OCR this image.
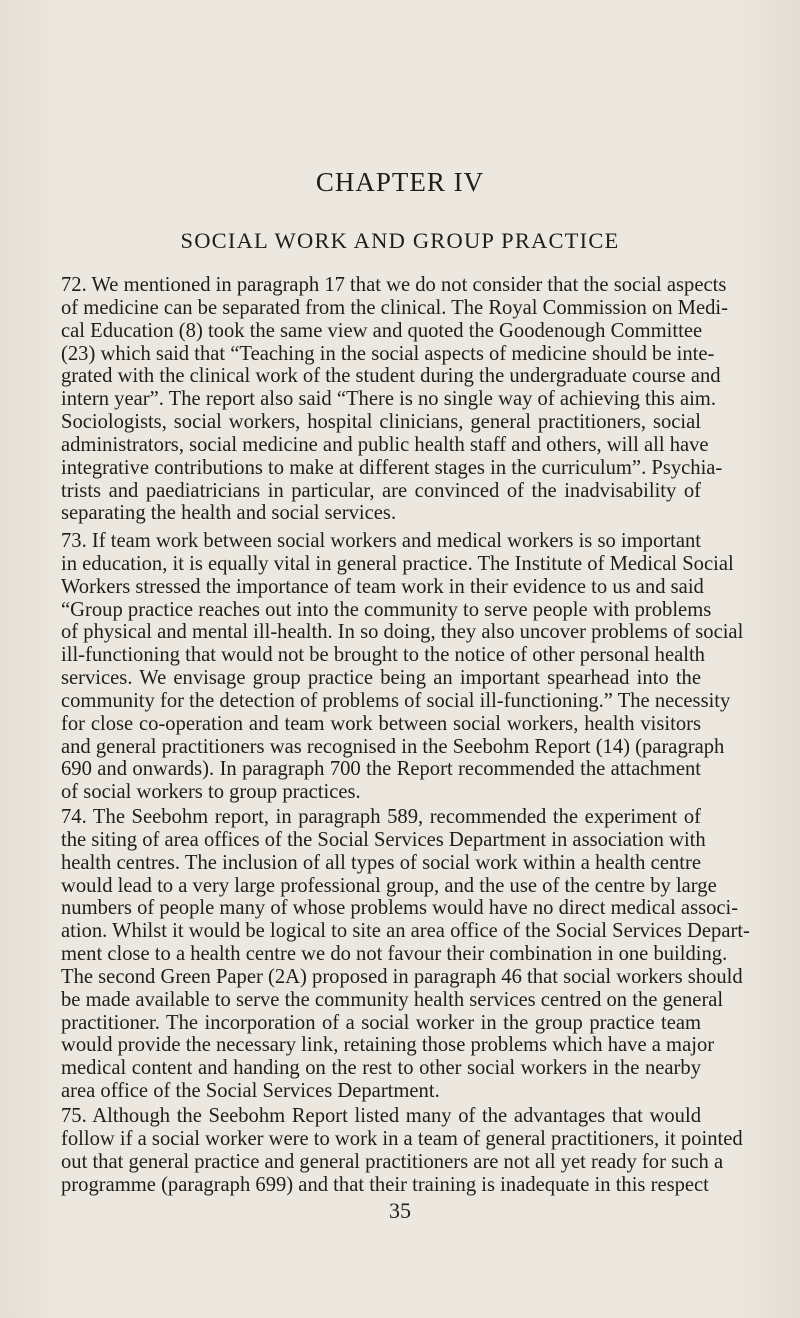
CHAPTER IV
SOCIAL WORK AND GROUP PRACTICE

72. We mentioned in paragraph 17 that we do not consider that the social aspects
of medicine can be separated from the clinical. The Royal Commission on Medi-
cal Education (8) took the same view and quoted the Goodenough Committee
(23) which said that “Teaching in the social aspects of medicine should be inte-
grated with the clinical work of the student during the undergraduate course and
intern year”. The report also said “There is no single way of achieving this aim.
Sociologists, social workers, hospital clinicians, general practitioners, social
administrators, social medicine and public health staff and others, will all have
integrative contributions to make at different stages in the curriculum”. Psychia-
trists and paediatricians in particular, are convinced of the inadvisability of
separating the health and social services.

73. If team work between social workers and medical workers is so important
in education, it is equally vital in general practice. The Institute of Medical Social
Workers stressed the importance of team work in their evidence to us and said
“Group practice reaches out into the community to serve people with problems
of physical and mental ill-health. In so doing, they also uncover problems of social
ill-functioning that would not be brought to the notice of other personal health
services. We envisage group practice being an important spearhead into the
community for the detection of problems of social ill-functioning.” The necessity
for close co-operation and team work between social workers, health visitors
and general practitioners was recognised in the Seebohm Report (14) (paragraph
690 and onwards). In paragraph 700 the Report recommended the attachment
of social workers to group practices.

74. The Seebohm report, in paragraph 589, recommended the experiment of
the siting of area offices of the Social Services Department in association with
health centres. The inclusion of all types of social work within a health centre
would lead to a very large professional group, and the use of the centre by large
numbers of people many of whose problems would have no direct medical associ-
ation. Whilst it would be logical to site an area office of the Social Services Depart-
ment close to a health centre we do not favour their combination in one building.
The second Green Paper (2A) proposed in paragraph 46 that social workers should
be made available to serve the community health services centred on the general
practitioner. The incorporation of a social worker in the group practice team
would provide the necessary link, retaining those problems which have a major
medical content and handing on the rest to other social workers in the nearby
area office of the Social Services Department.

75. Although the Seebohm Report listed many of the advantages that would
follow if a social worker were to work in a team of general practitioners, it pointed
out that general practice and general practitioners are not all yet ready for such a
programme (paragraph 699) and that their training is inadequate in this respect

35
